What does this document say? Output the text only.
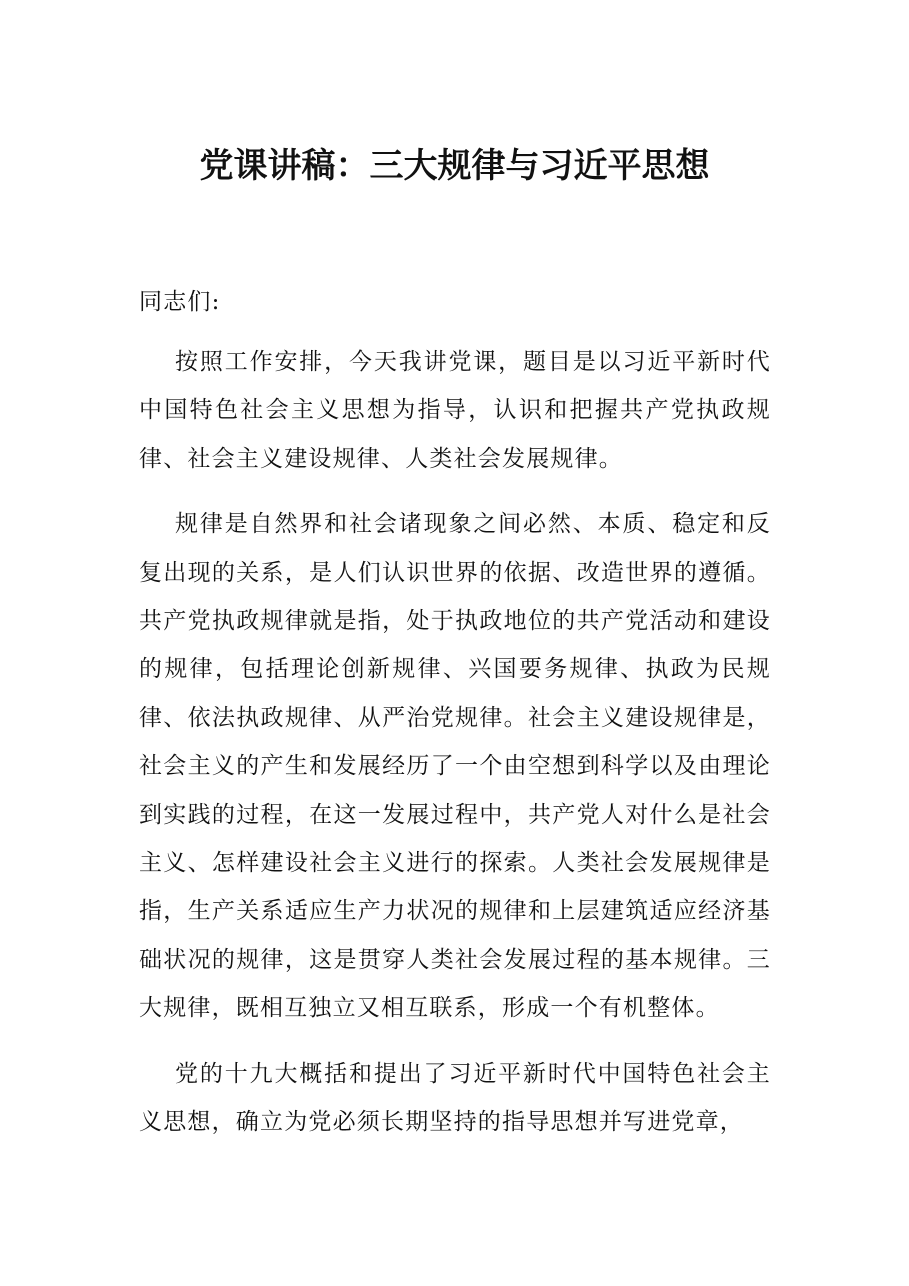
党课讲稿：三大规律与习近平思想

同志们:

按照工作安排，今天我讲党课，题目是以习近平新时代中国特色社会主义思想为指导，认识和把握共产党执政规律、社会主义建设规律、人类社会发展规律。

规律是自然界和社会诸现象之间必然、本质、稳定和反复出现的关系，是人们认识世界的依据、改造世界的遵循。共产党执政规律就是指，处于执政地位的共产党活动和建设的规律，包括理论创新规律、兴国要务规律、执政为民规律、依法执政规律、从严治党规律。社会主义建设规律是，社会主义的产生和发展经历了一个由空想到科学以及由理论到实践的过程，在这一发展过程中，共产党人对什么是社会主义、怎样建设社会主义进行的探索。人类社会发展规律是指，生产关系适应生产力状况的规律和上层建筑适应经济基础状况的规律，这是贯穿人类社会发展过程的基本规律。三大规律，既相互独立又相互联系，形成一个有机整体。

党的十九大概括和提出了习近平新时代中国特色社会主义思想，确立为党必须长期坚持的指导思想并写进党章，
